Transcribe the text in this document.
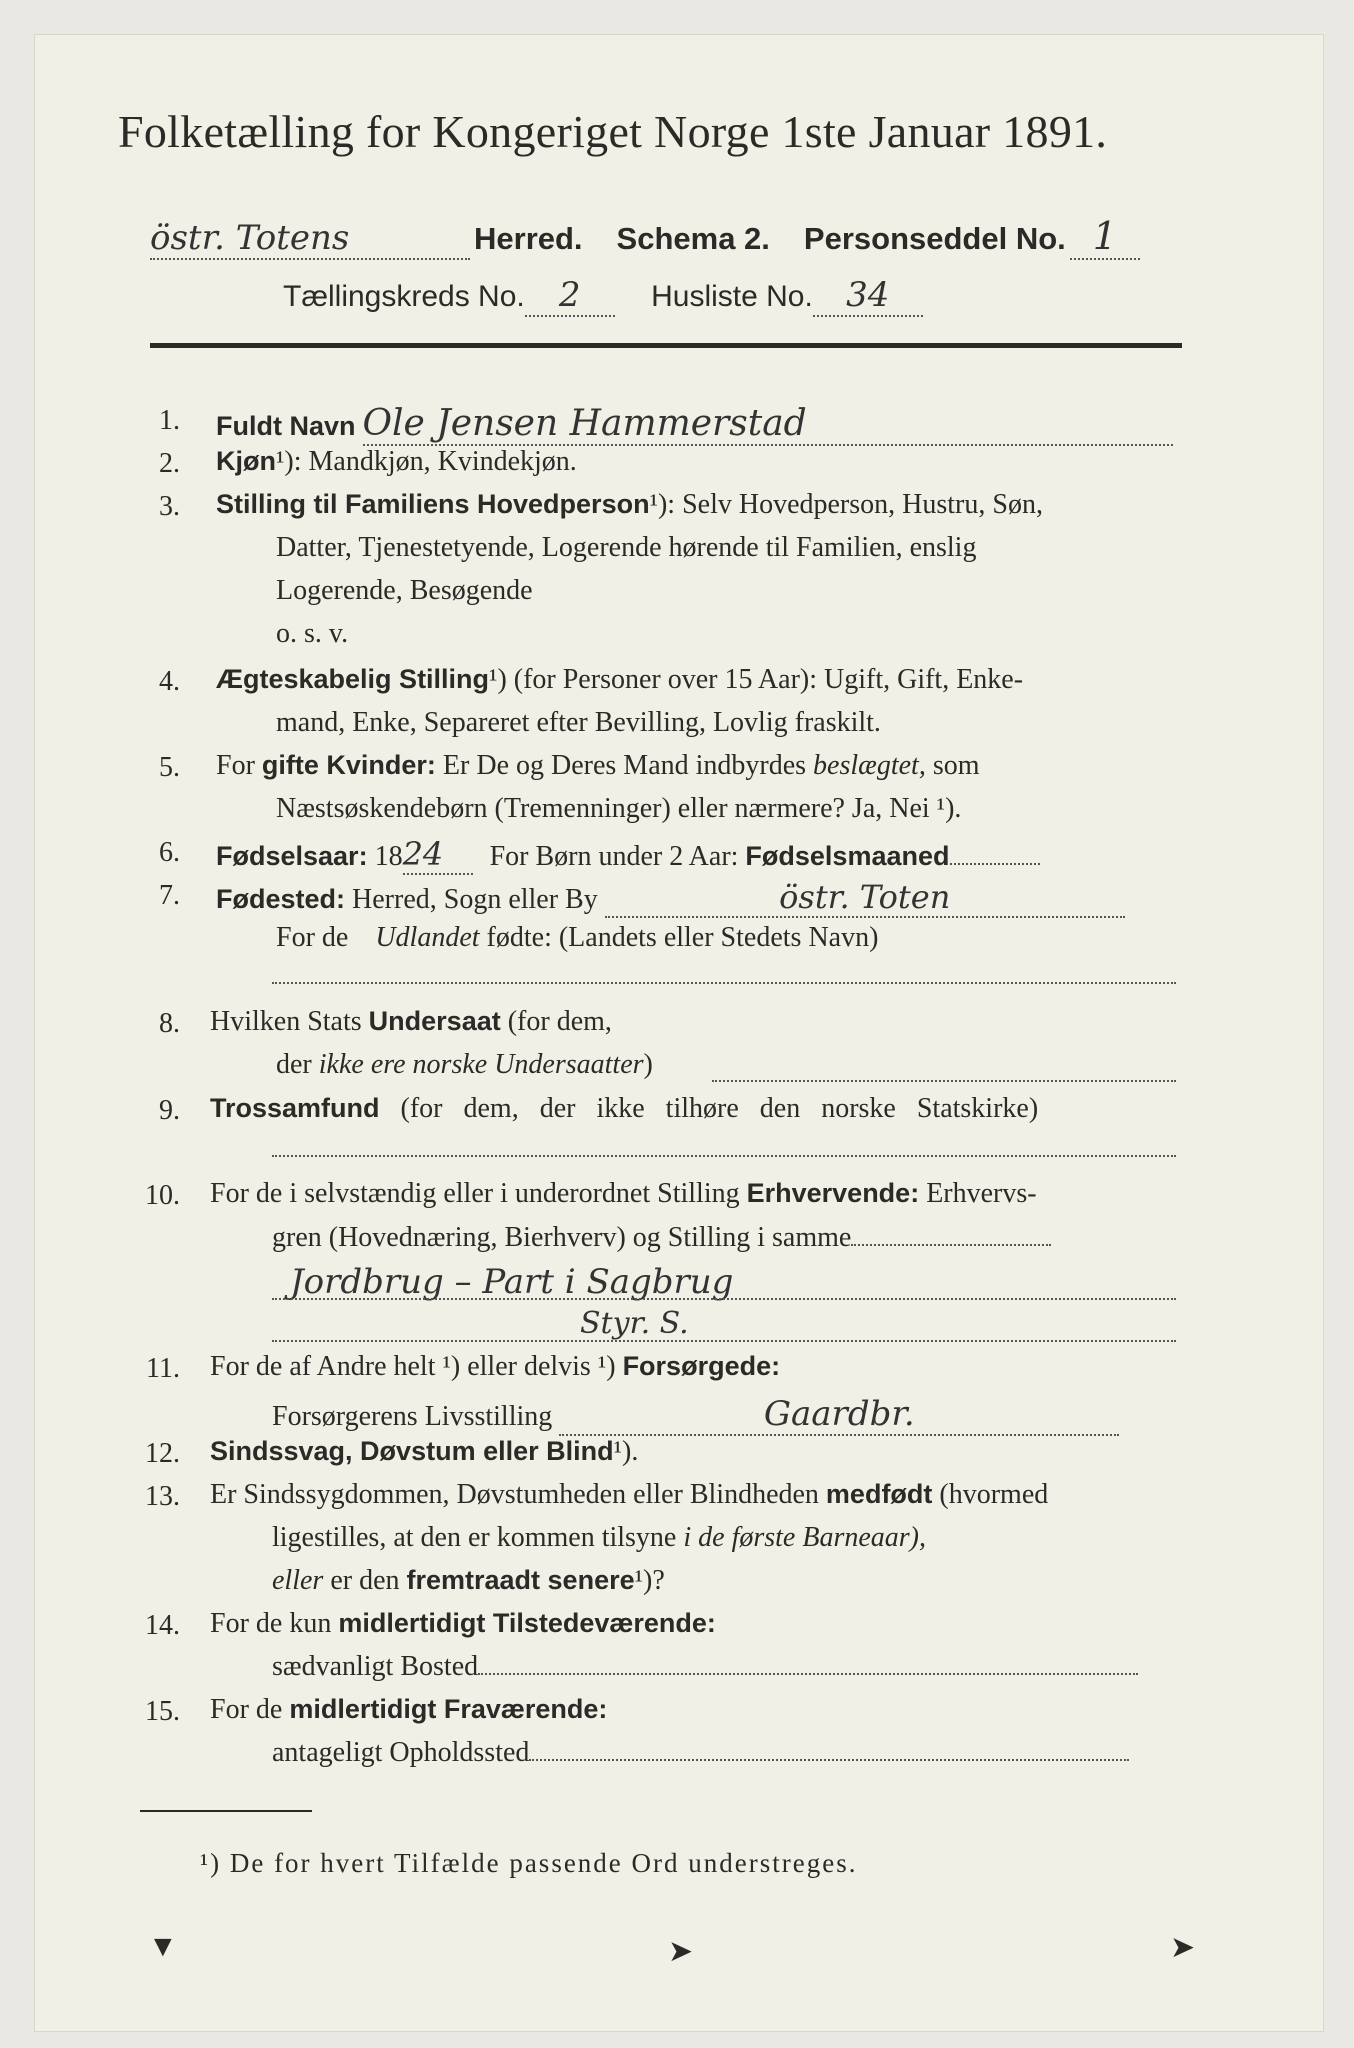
Folketælling for Kongeriget Norge 1ste Januar 1891.
östr. Totens	Herred. Schema 2. Personseddel No. 1
Tællingskreds No. 2 Husliste No. 34
1. Fuldt Navn Ole Jensen Hammerstad
2. Kjøn¹): Mandkjøn, Kvindekjøn.
3. Stilling til Familiens Hovedperson¹): Selv Hovedperson, Hustru, Søn,
Datter, Tjenestetyende, Logerende hørende til Familien, enslig
Logerende, Besøgende
o. s. v.
4. Ægteskabelig Stilling¹) (for Personer over 15 Aar): Ugift, Gift, Enke-
mand, Enke, Separeret efter Bevilling, Lovlig fraskilt.
5. For gifte Kvinder: Er De og Deres Mand indbyrdes beslægtet, som
Næstsøskendebørn (Tremenninger) eller nærmere? Ja, Nei ¹).
6. Fødselsaar: 1824 For Børn under 2 Aar: Fødselsmaaned
7. Fødested: Herred, Sogn eller By	östr. Toten
For de Udlandet fødte: (Landets eller Stedets Navn)
8. Hvilken Stats Undersaat (for dem,
der ikke ere norske Undersaatter)
9. Trossamfund (for dem, der ikke tilhøre den norske Statskirke)
10. For de i selvstændig eller i underordnet Stilling Erhvervende: Erhvervs-
gren (Hovednæring, Bierhverv) og Stilling i samme
Jordbrug – Part i Sagbrug
Styr. S.
11. For de af Andre helt ¹) eller delvis ¹) Forsørgede:
Forsørgerens Livsstilling	Gaardbr.
12. Sindssvag, Døvstum eller Blind¹).
13. Er Sindssygdommen, Døvstumheden eller Blindheden medfødt (hvormed
ligestilles, at den er kommen tilsyne i de første Barneaar),
eller er den fremtraadt senere¹)?
14. For de kun midlertidigt Tilstedeværende:
sædvanligt Bosted
15. For de midlertidigt Fraværende:
antageligt Opholdssted
¹) De for hvert Tilfælde passende Ord understreges.
▼	➤	➤
